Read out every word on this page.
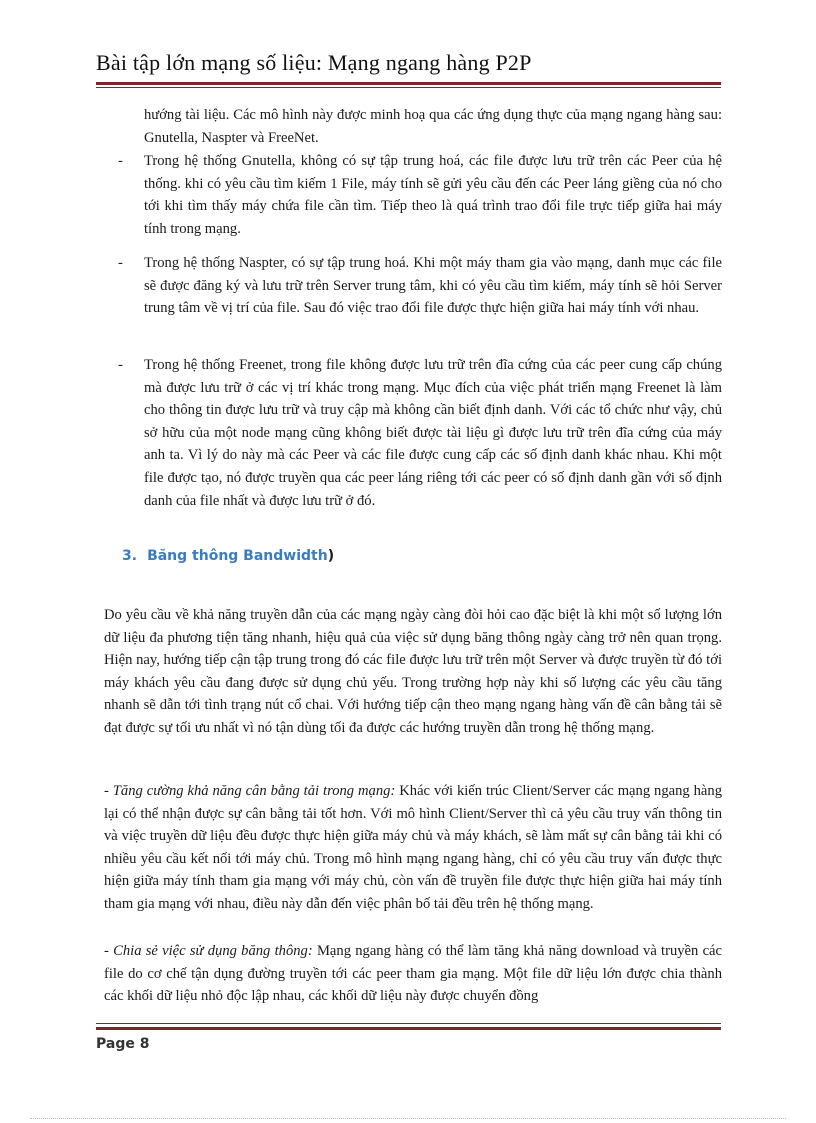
Bài tập lớn mạng số liệu: Mạng ngang hàng P2P
hướng tài liệu. Các mô hình này được minh hoạ qua các ứng dụng thực của mạng ngang hàng sau: Gnutella, Naspter và FreeNet.
-	Trong hệ thống Gnutella, không có sự tập trung hoá, các file được lưu trữ trên các Peer của hệ thống. khi có yêu cầu tìm kiếm 1 File, máy tính sẽ gửi yêu cầu đến các Peer láng giềng của nó cho tới khi tìm thấy máy chứa file cần tìm. Tiếp theo là quá trình trao đổi file trực tiếp giữa hai máy tính trong mạng.
-	Trong hệ thống Naspter, có sự tập trung hoá. Khi một máy tham gia vào mạng, danh mục các file sẽ được đăng ký và lưu trữ trên Server trung tâm, khi có yêu cầu tìm kiếm, máy tính sẽ hỏi Server trung tâm về vị trí của file. Sau đó việc trao đổi file được thực hiện giữa hai máy tính với nhau.
-	Trong hệ thống Freenet, trong file không được lưu trữ trên đĩa cứng của các peer cung cấp chúng mà được lưu trữ ở các vị trí khác trong mạng. Mục đích của việc phát triển mạng Freenet là làm cho thông tin được lưu trữ và truy cập mà không cần biết định danh. Với các tổ chức như vậy, chủ sở hữu của một node mạng cũng không biết được tài liệu gì được lưu trữ trên đĩa cứng của máy anh ta. Vì lý do này mà các Peer và các file được cung cấp các số định danh khác nhau. Khi một file được tạo, nó được truyền qua các peer láng riêng tới các peer có số định danh gần với số định danh của file nhất và được lưu trữ ở đó.
3. Băng thông Bandwidth)
Do yêu cầu về khả năng truyền dẫn của các mạng ngày càng đòi hỏi cao đặc biệt là khi một số lượng lớn dữ liệu đa phương tiện tăng nhanh, hiệu quả của việc sử dụng băng thông ngày càng trở nên quan trọng. Hiện nay, hướng tiếp cận tập trung trong đó các file được lưu trữ trên một Server và được truyền từ đó tới máy khách yêu cầu đang được sử dụng chủ yếu. Trong trường hợp này khi số lượng các yêu cầu tăng nhanh sẽ dẫn tới tình trạng nút cổ chai. Với hướng tiếp cận theo mạng ngang hàng vấn đề cân bằng tải sẽ đạt được sự tối ưu nhất vì nó tận dùng tối đa được các hướng truyền dẫn trong hệ thống mạng.
- Tăng cường khả năng cân bằng tải trong mạng: Khác với kiến trúc Client/Server các mạng ngang hàng lại có thể nhận được sự cân bằng tải tốt hơn. Với mô hình Client/Server thì cả yêu cầu truy vấn thông tin và việc truyền dữ liệu đều được thực hiện giữa máy chủ và máy khách, sẽ làm mất sự cân bằng tải khi có nhiều yêu cầu kết nối tới máy chủ. Trong mô hình mạng ngang hàng, chỉ có yêu cầu truy vấn được thực hiện giữa máy tính tham gia mạng với máy chủ, còn vấn đề truyền file được thực hiện giữa hai máy tính tham gia mạng với nhau, điều này dẫn đến việc phân bố tải đều trên hệ thống mạng.
- Chia sẻ việc sử dụng băng thông: Mạng ngang hàng có thể làm tăng khả năng download và truyền các file do cơ chế tận dụng đường truyền tới các peer tham gia mạng. Một file dữ liệu lớn được chia thành các khối dữ liệu nhỏ độc lập nhau, các khối dữ liệu này được chuyển đồng
Page 8
